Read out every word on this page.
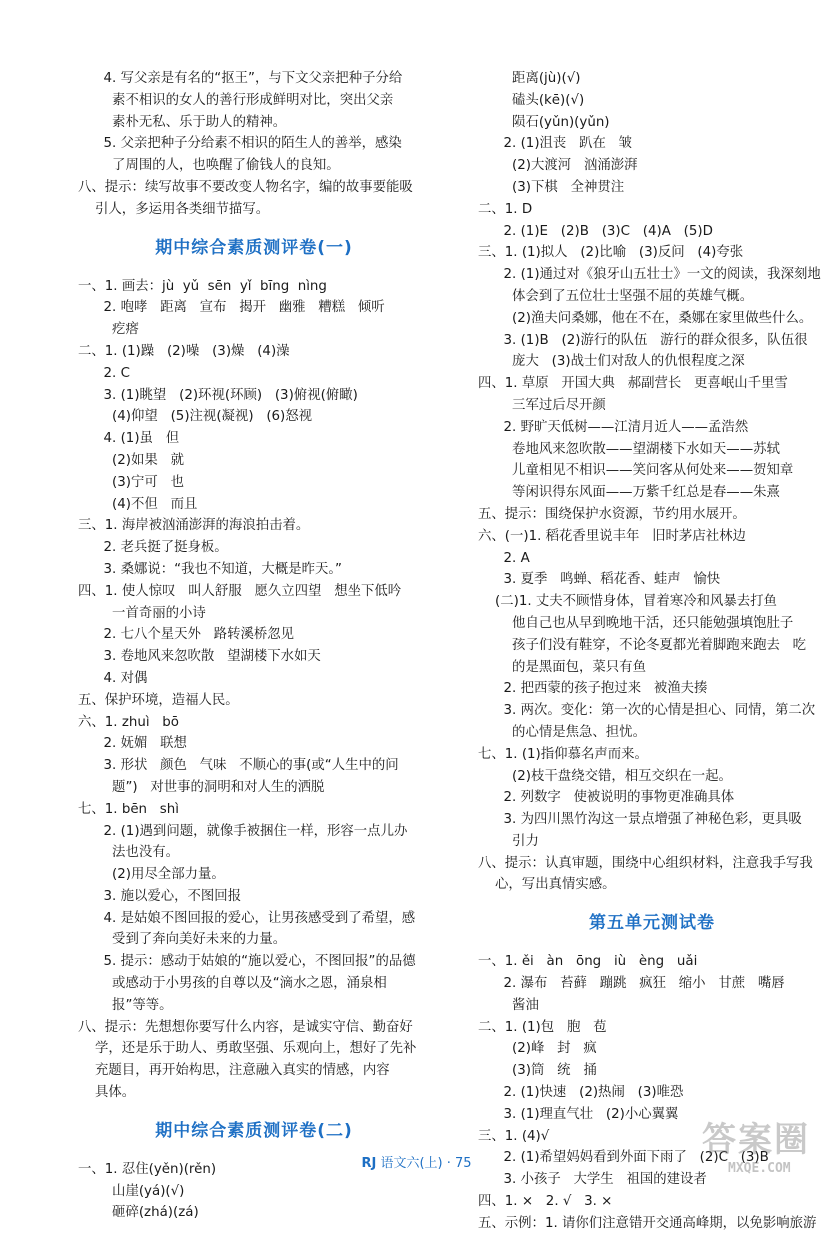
4. 写父亲是有名的“抠王”，与下文父亲把种子分给
素不相识的女人的善行形成鲜明对比，突出父亲
素朴无私、乐于助人的精神。
5. 父亲把种子分给素不相识的陌生人的善举，感染
了周围的人，也唤醒了偷钱人的良知。
八、提示：续写故事不要改变人物名字，编的故事要能吸
引人，多运用各类细节描写。
期中综合素质测评卷(一)
一、1. 画去：jù  yǔ  sēn  yǐ  bīng  nìng
2. 咆哮   距离   宣布   揭开   幽雅   糟糕   倾听
疙瘩
二、1. (1)躁   (2)噪   (3)燥   (4)澡
2. C
3. (1)眺望   (2)环视(环顾)   (3)俯视(俯瞰)
(4)仰望   (5)注视(凝视)   (6)怒视
4. (1)虽   但
(2)如果   就
(3)宁可   也
(4)不但   而且
三、1. 海岸被汹涌澎湃的海浪拍击着。
2. 老兵挺了挺身板。
3. 桑娜说：“我也不知道，大概是昨天。”
四、1. 使人惊叹   叫人舒服   愿久立四望   想坐下低吟
一首奇丽的小诗
2. 七八个星天外   路转溪桥忽见
3. 卷地风来忽吹散   望湖楼下水如天
4. 对偶
五、保护环境，造福人民。
六、1. zhuì   bō
2. 妩媚   联想
3. 形状   颜色   气味   不顺心的事(或“人生中的问
题”)   对世事的洞明和对人生的洒脱
七、1. bēn   shì
2. (1)遇到问题，就像手被捆住一样，形容一点儿办
法也没有。
(2)用尽全部力量。
3. 施以爱心，不图回报
4. 是姑娘不图回报的爱心，让男孩感受到了希望，感
受到了奔向美好未来的力量。
5. 提示：感动于姑娘的“施以爱心，不图回报”的品德
或感动于小男孩的自尊以及“滴水之恩，涌泉相
报”等等。
八、提示：先想想你要写什么内容，是诚实守信、勤奋好
学，还是乐于助人、勇敢坚强、乐观向上，想好了先补
充题目，再开始构思，注意融入真实的情感，内容
具体。
期中综合素质测评卷(二)
一、1. 忍住(yěn)(rěn)
山崖(yá)(√)
砸碎(zhá)(zá)
距离(jù)(√)
磕头(kē)(√)
陨石(yǔn)(yǔn)
2. (1)沮丧   趴在   皱
(2)大渡河   汹涌澎湃
(3)下棋   全神贯注
二、1. D
2. (1)E   (2)B   (3)C   (4)A   (5)D
三、1. (1)拟人   (2)比喻   (3)反问   (4)夸张
2. (1)通过对《狼牙山五壮士》一文的阅读，我深刻地
体会到了五位壮士坚强不屈的英雄气概。
(2)渔夫问桑娜，他在不在，桑娜在家里做些什么。
3. (1)B   (2)游行的队伍   游行的群众很多，队伍很
庞大   (3)战士们对敌人的仇恨程度之深
四、1. 草原   开国大典   郝副营长   更喜岷山千里雪
三军过后尽开颜
2. 野旷天低树——江清月近人——孟浩然
卷地风来忽吹散——望湖楼下水如天——苏轼
儿童相见不相识——笑问客从何处来——贺知章
等闲识得东风面——万紫千红总是春——朱熹
五、提示：围绕保护水资源，节约用水展开。
六、(一)1. 稻花香里说丰年   旧时茅店社林边
2. A
3. 夏季   鸣蝉、稻花香、蛙声   愉快
(二)1. 丈夫不顾惜身体，冒着寒冷和风暴去打鱼
他自己也从早到晚地干活，还只能勉强填饱肚子
孩子们没有鞋穿，不论冬夏都光着脚跑来跑去   吃
的是黑面包，菜只有鱼
2. 把西蒙的孩子抱过来   被渔夫揍
3. 两次。变化：第一次的心情是担心、同情，第二次
的心情是焦急、担忧。
七、1. (1)指仰慕名声而来。
(2)枝干盘绕交错，相互交织在一起。
2. 列数字   使被说明的事物更准确具体
3. 为四川黑竹沟这一景点增强了神秘色彩，更具吸
引力
八、提示：认真审题，围绕中心组织材料，注意我手写我
心，写出真情实感。
第五单元测试卷
一、1. ěi   àn   ōng   iù   èng   uǎi
2. 瀑布   苔藓   蹦跳   疯狂   缩小   甘蔗   嘴唇
酱油
二、1. (1)包   胞   苞
(2)峰   封   疯
(3)筒   统   捅
2. (1)快速   (2)热闹   (3)唯恐
3. (1)理直气壮   (2)小心翼翼
三、1. (4)√
2. (1)希望妈妈看到外面下雨了   (2)C   (3)B
3. 小孩子   大学生   祖国的建设者
四、1. ×   2. √   3. ×
五、示例：1. 请你们注意错开交通高峰期，以免影响旅游
RJ 语文六(上) · 75
答案圈
MXQE.COM
